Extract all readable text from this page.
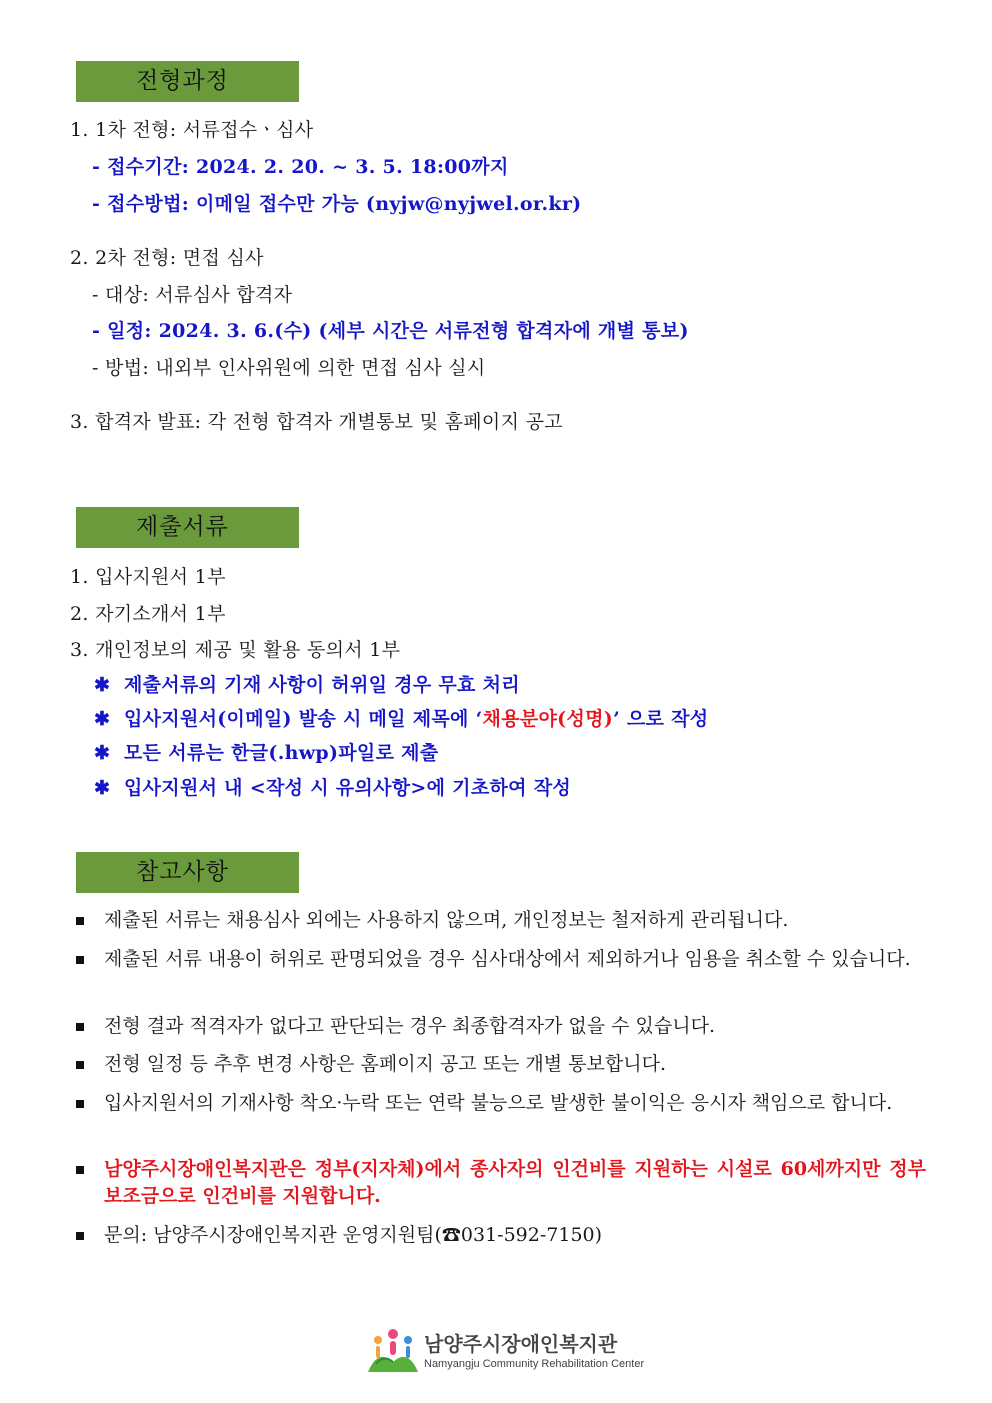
전형과정
1. 1차 전형: 서류접수ㆍ심사
- 접수기간: 2024. 2. 20. ~ 3. 5. 18:00까지
- 접수방법: 이메일 접수만 가능 (nyjw@nyjwel.or.kr)
2. 2차 전형: 면접 심사
- 대상: 서류심사 합격자
- 일정: 2024. 3. 6.(수) (세부 시간은 서류전형 합격자에 개별 통보)
- 방법: 내외부 인사위원에 의한 면접 심사 실시
3. 합격자 발표: 각 전형 합격자 개별통보 및 홈페이지 공고
제출서류
1. 입사지원서 1부
2. 자기소개서 1부
3. 개인정보의 제공 및 활용 동의서 1부
✱ 제출서류의 기재 사항이 허위일 경우 무효 처리
✱ 입사지원서(이메일) 발송 시 메일 제목에 ‘채용분야(성명)’ 으로 작성
✱ 모든 서류는 한글(.hwp)파일로 제출
✱ 입사지원서 내 <작성 시 유의사항>에 기초하여 작성
참고사항
제출된 서류는 채용심사 외에는 사용하지 않으며, 개인정보는 철저하게 관리됩니다.
제출된 서류 내용이 허위로 판명되었을 경우 심사대상에서 제외하거나 임용을 취소할 수 있습니다.
전형 결과 적격자가 없다고 판단되는 경우 최종합격자가 없을 수 있습니다.
전형 일정 등 추후 변경 사항은 홈페이지 공고 또는 개별 통보합니다.
입사지원서의 기재사항 착오·누락 또는 연락 불능으로 발생한 불이익은 응시자 책임으로 합니다.
남양주시장애인복지관은 정부(지자체)에서 종사자의 인건비를 지원하는 시설로 60세까지만 정부 보조금으로 인건비를 지원합니다.
문의: 남양주시장애인복지관 운영지원팀(☎031-592-7150)
남양주시장애인복지관
Namyangju Community Rehabilitation Center
